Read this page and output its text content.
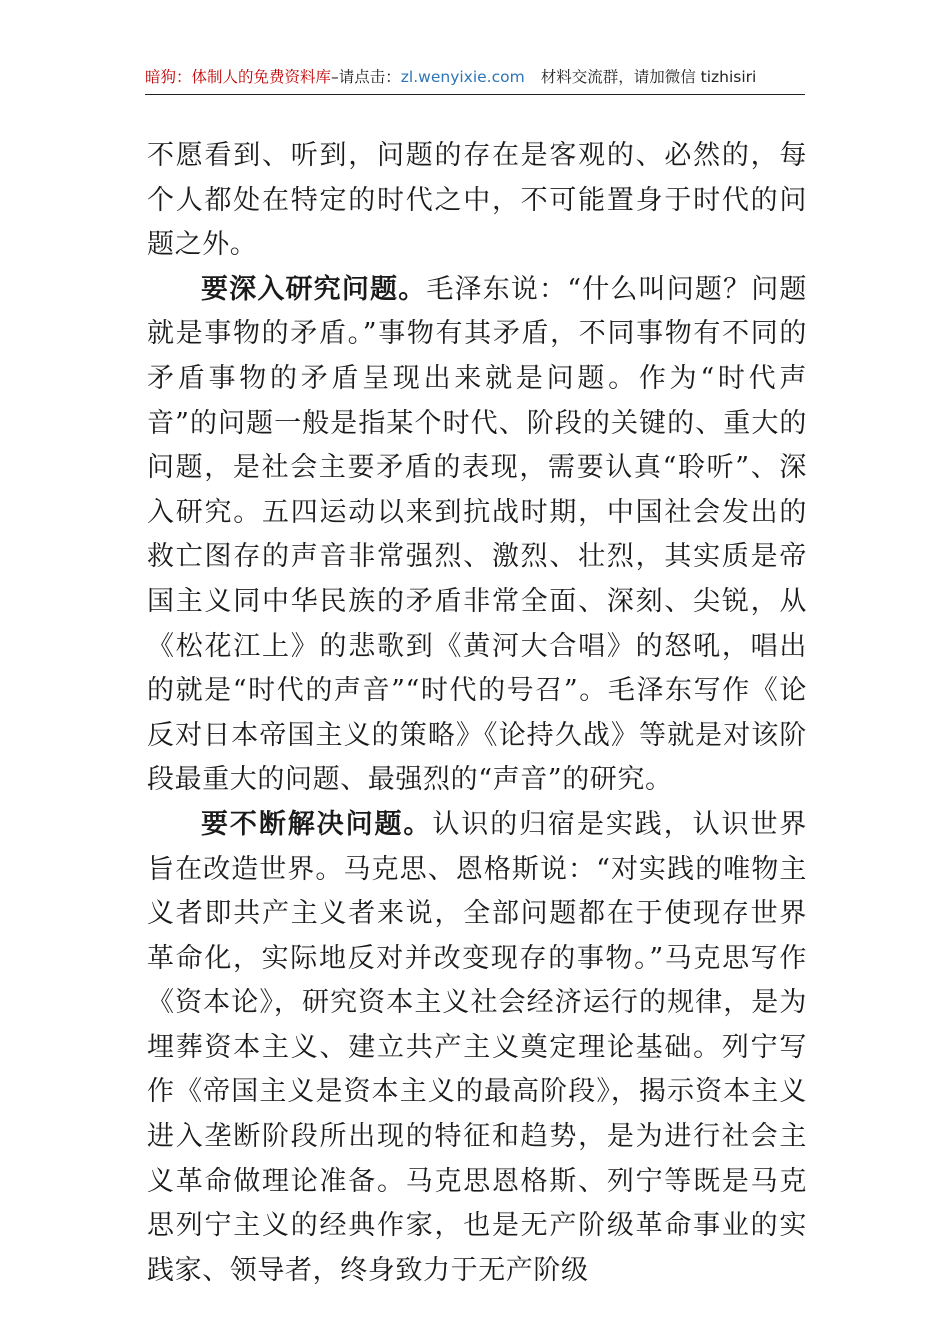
暗狗：体制人的免费资料库–请点击：zl.wenyixie.com 材料交流群，请加微信 tizhisiri

不愿看到、听到，问题的存在是客观的、必然的，每个人都处在特定的时代之中，不可能置身于时代的问题之外。

要深入研究问题。毛泽东说：“什么叫问题？问题就是事物的矛盾。”事物有其矛盾，不同事物有不同的矛盾事物的矛盾呈现出来就是问题。作为“时代声音”的问题一般是指某个时代、阶段的关键的、重大的问题，是社会主要矛盾的表现，需要认真“聆听”、深入研究。五四运动以来到抗战时期，中国社会发出的救亡图存的声音非常强烈、激烈、壮烈，其实质是帝国主义同中华民族的矛盾非常全面、深刻、尖锐，从《松花江上》的悲歌到《黄河大合唱》的怒吼，唱出的就是“时代的声音”“时代的号召”。毛泽东写作《论反对日本帝国主义的策略》《论持久战》等就是对该阶段最重大的问题、最强烈的“声音”的研究。

要不断解决问题。认识的归宿是实践，认识世界旨在改造世界。马克思、恩格斯说：“对实践的唯物主义者即共产主义者来说，全部问题都在于使现存世界革命化，实际地反对并改变现存的事物。”马克思写作《资本论》，研究资本主义社会经济运行的规律，是为埋葬资本主义、建立共产主义奠定理论基础。列宁写作《帝国主义是资本主义的最高阶段》，揭示资本主义进入垄断阶段所出现的特征和趋势，是为进行社会主义革命做理论准备。马克思恩格斯、列宁等既是马克思列宁主义的经典作家，也是无产阶级革命事业的实践家、领导者，终身致力于无产阶级
